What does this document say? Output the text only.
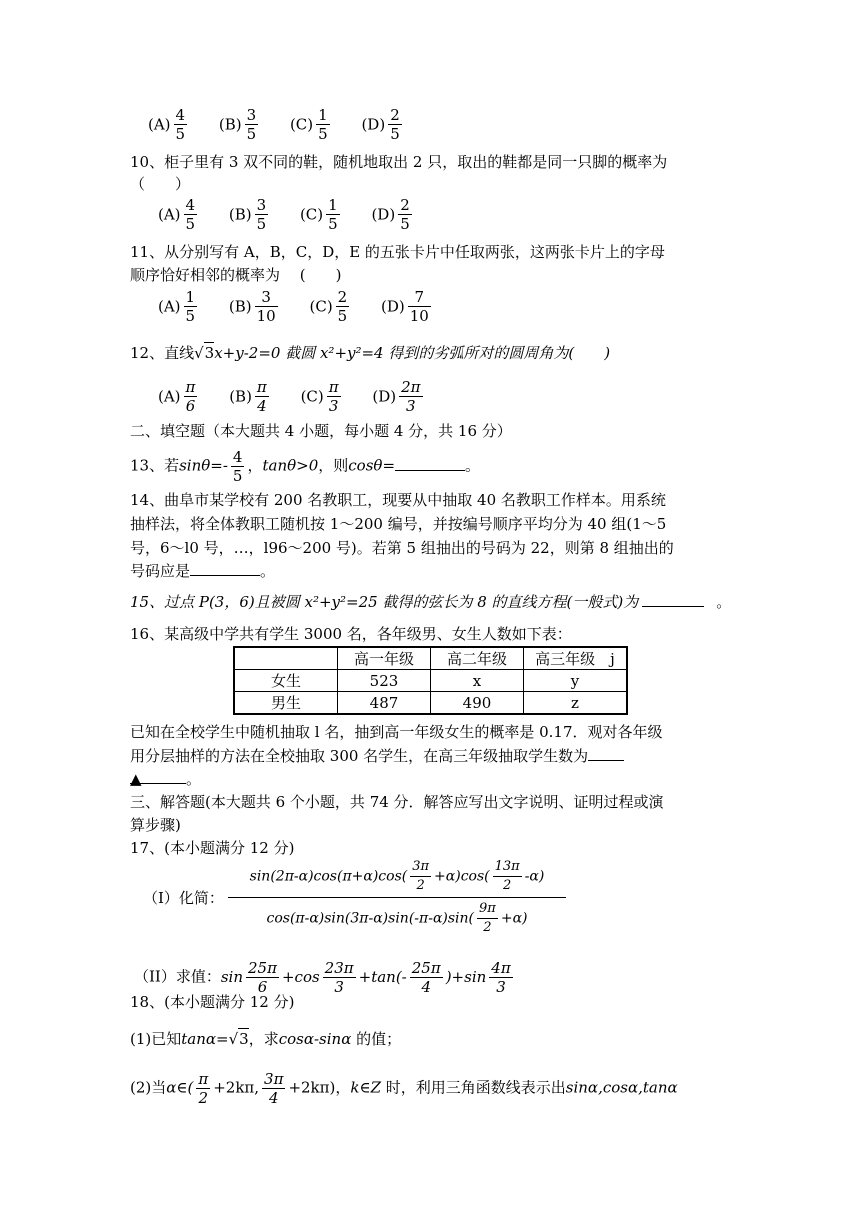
$(A) \frac{4}{5} (B) \frac{3}{5} (C) \frac{1}{5} (D) \frac{2}{5}$
10、柜子里有 3 双不同的鞋，随机地取出 2 只，取出的鞋都是同一只脚的概率为
（　　）
$(A) \frac{4}{5} (B) \frac{3}{5} (C) \frac{1}{5} (D) \frac{2}{5}$
11、从分别写有 A，B，C，D，E 的五张卡片中任取两张，这两张卡片上的字母
顺序恰好相邻的概率为　 (　　)
$(A) \frac{1}{5} (B) \frac{3}{10} (C) \frac{2}{5} (D) \frac{7}{10}$
12、直线√3x+y-2=0 截圆 x²+y²=4 得到的劣弧所对的圆周角为(　　)
$(A) \frac{\pi}{6} (B) \frac{\pi}{4} (C) \frac{\pi}{3} (D) \frac{2\pi}{3}$
二、填空题（本大题共 4 小题，每小题 4 分，共 16 分）
13、若$\sin\theta=- \frac{4}{5}$ ，tanθ>0，则cosθ=	。
14、曲阜市某学校有 200 名教职工，现要从中抽取 40 名教职工作样本。用系统
抽样法，将全体教职工随机按 1～200 编号，并按编号顺序平均分为 40 组(1～5
号，6～l0 号，…，l96～200 号)。若第 5 组抽出的号码为 22，则第 8 组抽出的
号码应是	。
15、过点 P(3，6)且被圆 x²+y²=25 截得的弦长为 8 的直线方程(一般式)为	。
16、某高级中学共有学生 3000 名，各年级男、女生人数如下表：
	高一年级	高二年级	高三年级　j
女生	523	x	y
男生	487	490	z
已知在全校学生中随机抽取 l 名，抽到高一年级女生的概率是 0.17．观对各年级
用分层抽样的方法在全校抽取 300 名学生，在高三年级抽取学生数为
▲	。
三、解答题(本大题共 6 个小题，共 74 分．解答应写出文字说明、证明过程或演
算步骤)
17、(本小题满分 12 分)
（I）化简：
$\sin(2\pi-\alpha)\cos(\pi+\alpha)\cos( \frac{3\pi}{2} +\alpha)\cos( \frac{13\pi}{2} -\alpha)$
$\cos(\pi-\alpha)\sin(3\pi-\alpha)\sin(-\pi-\alpha)\sin( \frac{9\pi}{2} +\alpha)$
（II）求值：$\sin \frac{25\pi}{6} +\cos \frac{23\pi}{3} +\tan(- \frac{25\pi}{4} )+\sin \frac{4\pi}{3}$
18、(本小题满分 12 分)
(1)已知tanα=√3，求cosα-sinα 的值；
(2)当α∈( $\frac{\pi}{2} +2k\pi$, $\frac{3\pi}{4} +2k\pi$)，k∈Z 时，利用三角函数线表示出sinα,cosα,tanα
